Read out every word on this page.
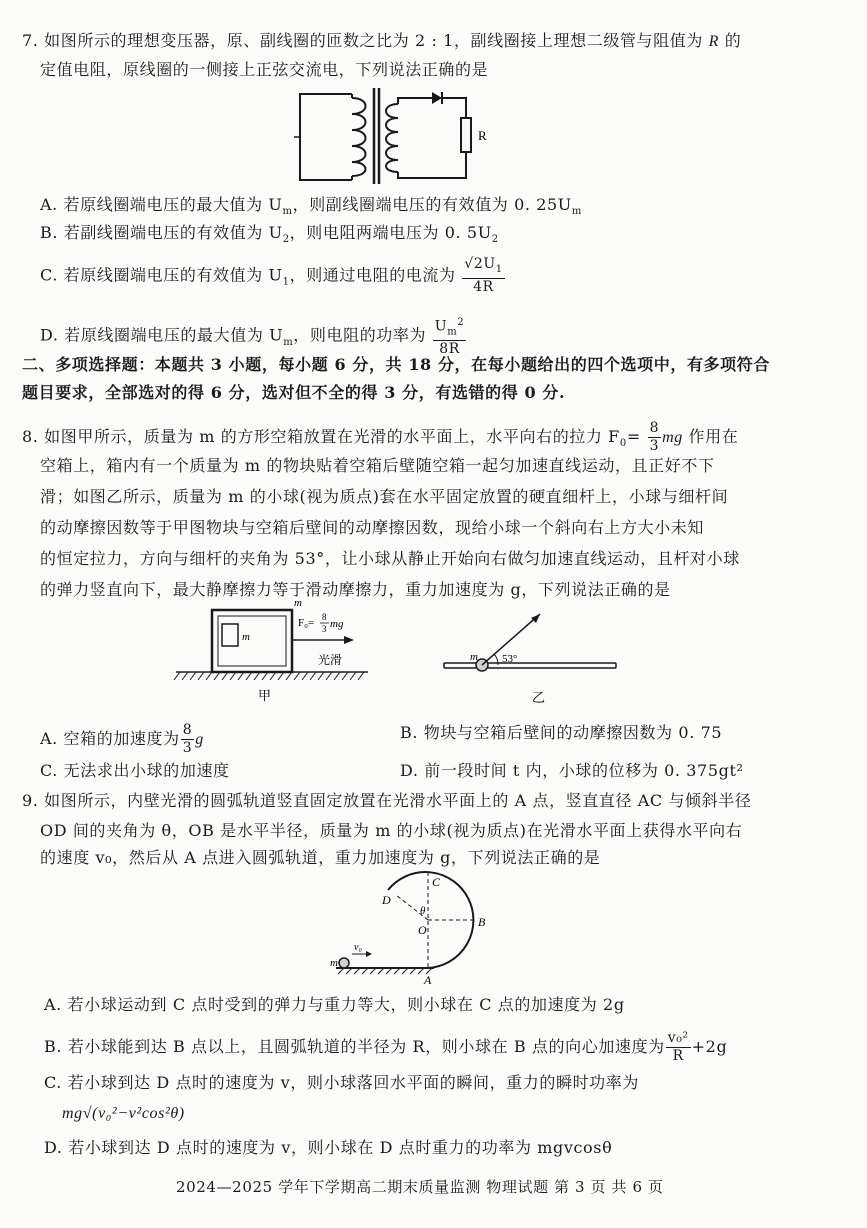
7. 如图所示的理想变压器，原、副线圈的匝数之比为 2 : 1，副线圈接上理想二级管与阻值为 R 的
定值电阻，原线圈的一侧接上正弦交流电，下列说法正确的是
R
A. 若原线圈端电压的最大值为 $U_m$，则副线圈端电压的有效值为 0. $25U_m$
B. 若副线圈端电压的有效值为 $U_2$，则电阻两端电压为 0. $5U_2$
C. 若原线圈端电压的有效值为 $U_1$，则通过电阻的电流为 $\frac{√2U_1}{4R}$
D. 若原线圈端电压的最大值为 $U_m$，则电阻的功率为 $\frac{U_m^2}{8R}$
二、多项选择题：本题共 3 小题，每小题 6 分，共 18 分，在每小题给出的四个选项中，有多项符合
题目要求，全部选对的得 6 分，选对但不全的得 3 分，有选错的得 0 分.
8. 如图甲所示，质量为 m 的方形空箱放置在光滑的水平面上，水平向右的拉力 $F_0= \frac{8}{3}$ mg 作用在
空箱上，箱内有一个质量为 m 的物块贴着空箱后壁随空箱一起匀加速直线运动，且正好不下
滑；如图乙所示，质量为 m 的小球(视为质点)套在水平固定放置的硬直细杆上，小球与细杆间
的动摩擦因数等于甲图物块与空箱后壁间的动摩擦因数，现给小球一个斜向右上方大小未知
的恒定拉力，方向与细杆的夹角为 53°，让小球从静止开始向右做匀加速直线运动，且杆对小球
的弹力竖直向下，最大静摩擦力等于滑动摩擦力，重力加速度为 g，下列说法正确的是
m
m
F₀= 8
3 mg
光滑
甲
m 53°
乙
A. 空箱的加速度为 $\frac{8}{3}$ g	B. 物块与空箱后壁间的动摩擦因数为 0. 75
C. 无法求出小球的加速度	D. 前一段时间 t 内，小球的位移为 0. 375gt²
9. 如图所示，内壁光滑的圆弧轨道竖直固定放置在光滑水平面上的 A 点，竖直直径 AC 与倾斜半径
OD 间的夹角为 θ，OB 是水平半径，质量为 m 的小球(视为质点)在光滑水平面上获得水平向右
的速度 v₀，然后从 A 点进入圆弧轨道，重力加速度为 g，下列说法正确的是
C
D
θ
O
B
A
m
v₀
A. 若小球运动到 C 点时受到的弹力与重力等大，则小球在 C 点的加速度为 2g
B. 若小球能到达 B 点以上，且圆弧轨道的半径为 R，则小球在 B 点的向心加速度为 $\frac{\text{v₀²}}{R} +2g$
C. 若小球到达 D 点时的速度为 v，则小球落回水平面的瞬间，重力的瞬时功率为
mg√(v₀²−v²cos²θ)
D. 若小球到达 D 点时的速度为 v，则小球在 D 点时重力的功率为 mgvcosθ
2024—2025 学年下学期高二期末质量监测 物理试题 第 3 页 共 6 页
